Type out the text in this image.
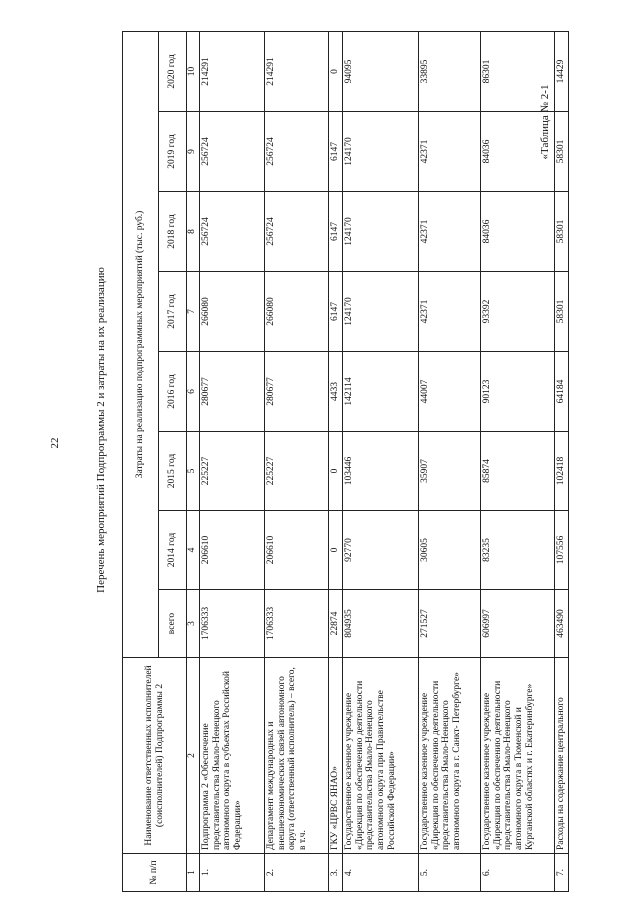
22
«Таблица № 2-1
Перечень мероприятий Подпрограммы 2 и затраты на их реализацию
№ п/п	Наименование ответственных исполнителей (соисполнителей) Подпрограммы 2	Затраты на реализацию подпрограммных мероприятий (тыс. руб.)							
		всего	2014 год	2015 год	2016 год	2017 год	2018 год	2019 год	2020 год
1	2	3	4	5	6	7	8	9	10
1.	Подпрограмма 2 «Обеспечение представительства Ямало-Ненецкого автономного округа в субъектах Российской Федерации»	1706333	206610	225227	280677	266080	256724	256724	214291
2.	Департамент международных и внешнеэкономических связей автономного округа (ответственный исполнитель) – всего, в т.ч.	1706333	206610	225227	280677	266080	256724	256724	214291
3.	ГКУ «ЦРВС ЯНАО»	22874	0	0	4433	6147	6147	6147	0
4.	Государственное казенное учреждение «Дирекция по обеспечению деятельности представительства Ямало-Ненецкого автономного округа при Правительстве Российской Федерации»	804935	92770	103446	142114	124170	124170	124170	94095
5.	Государственное казенное учреждение «Дирекция по обеспечению деятельности представительства Ямало-Ненецкого автономного округа в г. Санкт- Петербурге»	271527	30605	35907	44007	42371	42371	42371	33895
6.	Государственное казенное учреждение «Дирекция по обеспечению деятельности представительства Ямало-Ненецкого автономного округа в Тюменской и Курганской областях и г. Екатеринбурге»	606997	83235	85874	90123	93392	84036	84036	86301
7.	Расходы на содержание центрального	463490	107556	102418	64184	58301	58301	58301	14429
